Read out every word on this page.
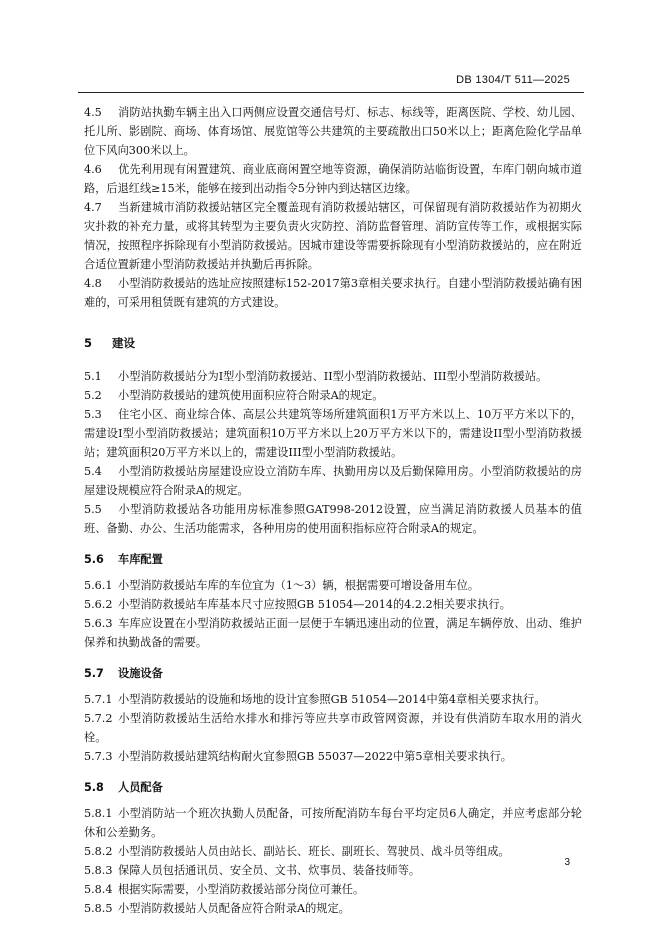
DB 1304/T 511—2025
4.5 消防站执勤车辆主出入口两侧应设置交通信号灯、标志、标线等，距离医院、学校、幼儿园、托儿所、影剧院、商场、体育场馆、展览馆等公共建筑的主要疏散出口50米以上；距离危险化学品单位下风向300米以上。
4.6 优先利用现有闲置建筑、商业底商闲置空地等资源，确保消防站临街设置，车库门朝向城市道路，后退红线≥15米，能够在接到出动指令5分钟内到达辖区边缘。
4.7 当新建城市消防救援站辖区完全覆盖现有消防救援站辖区，可保留现有消防救援站作为初期火灾扑救的补充力量，或将其转型为主要负责火灾防控、消防监督管理、消防宣传等工作，或根据实际情况，按照程序拆除现有小型消防救援站。因城市建设等需要拆除现有小型消防救援站的，应在附近合适位置新建小型消防救援站并执勤后再拆除。
4.8 小型消防救援站的选址应按照建标152-2017第3章相关要求执行。自建小型消防救援站确有困难的，可采用租赁既有建筑的方式建设。
5 建设
5.1 小型消防救援站分为I型小型消防救援站、II型小型消防救援站、III型小型消防救援站。
5.2 小型消防救援站的建筑使用面积应符合附录A的规定。
5.3 住宅小区、商业综合体、高层公共建筑等场所建筑面积1万平方米以上、10万平方米以下的，需建设I型小型消防救援站；建筑面积10万平方米以上20万平方米以下的，需建设II型小型消防救援站；建筑面积20万平方米以上的，需建设III型小型消防救援站。
5.4 小型消防救援站房屋建设应设立消防车库、执勤用房以及后勤保障用房。小型消防救援站的房屋建设规模应符合附录A的规定。
5.5 小型消防救援站各功能用房标准参照GAT998-2012设置，应当满足消防救援人员基本的值班、备勤、办公、生活功能需求，各种用房的使用面积指标应符合附录A的规定。
5.6 车库配置
5.6.1 小型消防救援站车库的车位宜为（1～3）辆，根据需要可增设备用车位。
5.6.2 小型消防救援站车库基本尺寸应按照GB 51054—2014的4.2.2相关要求执行。
5.6.3 车库应设置在小型消防救援站正面一层便于车辆迅速出动的位置，满足车辆停放、出动、维护保养和执勤战备的需要。
5.7 设施设备
5.7.1 小型消防救援站的设施和场地的设计宜参照GB 51054—2014中第4章相关要求执行。
5.7.2 小型消防救援站生活给水排水和排污等应共享市政管网资源，并设有供消防车取水用的消火栓。
5.7.3 小型消防救援站建筑结构耐火宜参照GB 55037—2022中第5章相关要求执行。
5.8 人员配备
5.8.1 小型消防站一个班次执勤人员配备，可按所配消防车每台平均定员6人确定，并应考虑部分轮休和公差勤务。
5.8.2 小型消防救援站人员由站长、副站长、班长、副班长、驾驶员、战斗员等组成。
5.8.3 保障人员包括通讯员、安全员、文书、炊事员、装备技师等。
5.8.4 根据实际需要，小型消防救援站部分岗位可兼任。
5.8.5 小型消防救援站人员配备应符合附录A的规定。
3
